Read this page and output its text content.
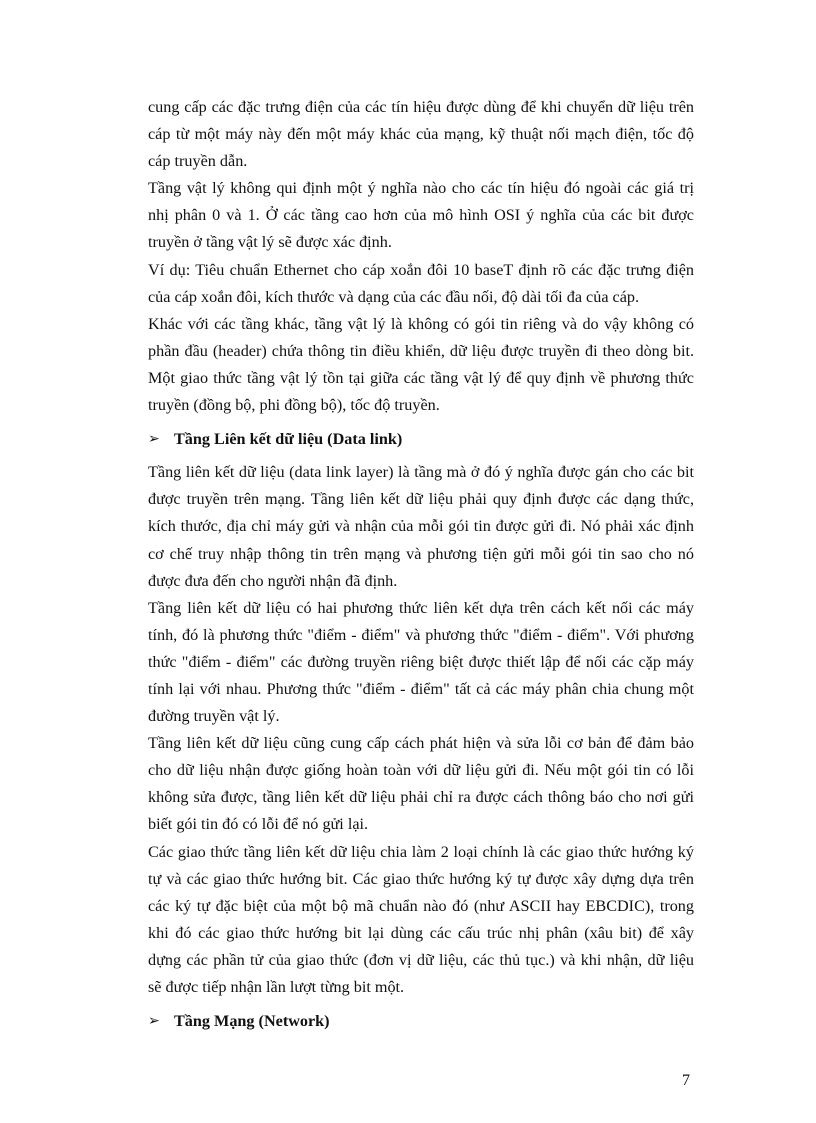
cung cấp các đặc trưng điện của các tín hiệu được dùng để khi chuyển dữ liệu trên
cáp từ một máy này đến một máy khác của mạng, kỹ thuật nối mạch điện, tốc độ
cáp truyền dẫn.

Tầng vật lý không qui định một ý nghĩa nào cho các tín hiệu đó ngoài các giá trị
nhị phân 0 và 1. Ở các tầng cao hơn của mô hình OSI ý nghĩa của các bit được
truyền ở tầng vật lý sẽ được xác định.

Ví dụ: Tiêu chuẩn Ethernet cho cáp xoắn đôi 10 baseT định rõ các đặc trưng điện
của cáp xoắn đôi, kích thước và dạng của các đầu nối, độ dài tối đa của cáp.

Khác với các tầng khác, tầng vật lý là không có gói tin riêng và do vậy không có
phần đầu (header) chứa thông tin điều khiển, dữ liệu được truyền đi theo dòng bit.
Một giao thức tầng vật lý tồn tại giữa các tầng vật lý để quy định về phương thức
truyền (đồng bộ, phi đồng bộ), tốc độ truyền.

➢ Tầng Liên kết dữ liệu (Data link)

Tầng liên kết dữ liệu (data link layer) là tầng mà ở đó ý nghĩa được gán cho các bit
được truyền trên mạng. Tầng liên kết dữ liệu phải quy định được các dạng thức,
kích thước, địa chỉ máy gửi và nhận của mỗi gói tin được gửi đi. Nó phải xác định
cơ chế truy nhập thông tin trên mạng và phương tiện gửi mỗi gói tin sao cho nó
được đưa đến cho người nhận đã định.

Tầng liên kết dữ liệu có hai phương thức liên kết dựa trên cách kết nối các máy
tính, đó là phương thức "điểm - điểm" và phương thức "điểm - điểm". Với phương
thức "điểm - điểm" các đường truyền riêng biệt được thiết lập để nối các cặp máy
tính lại với nhau. Phương thức "điểm - điểm" tất cả các máy phân chia chung một
đường truyền vật lý.

Tầng liên kết dữ liệu cũng cung cấp cách phát hiện và sửa lỗi cơ bản để đảm bảo
cho dữ liệu nhận được giống hoàn toàn với dữ liệu gửi đi. Nếu một gói tin có lỗi
không sửa được, tầng liên kết dữ liệu phải chỉ ra được cách thông báo cho nơi gửi
biết gói tin đó có lỗi để nó gửi lại.

Các giao thức tầng liên kết dữ liệu chia làm 2 loại chính là các giao thức hướng ký
tự và các giao thức hướng bit. Các giao thức hướng ký tự được xây dựng dựa trên
các ký tự đặc biệt của một bộ mã chuẩn nào đó (như ASCII hay EBCDIC), trong
khi đó các giao thức hướng bit lại dùng các cấu trúc nhị phân (xâu bit) để xây
dựng các phần tử của giao thức (đơn vị dữ liệu, các thủ tục.) và khi nhận, dữ liệu
sẽ được tiếp nhận lần lượt từng bit một.

➢ Tầng Mạng (Network)
7
